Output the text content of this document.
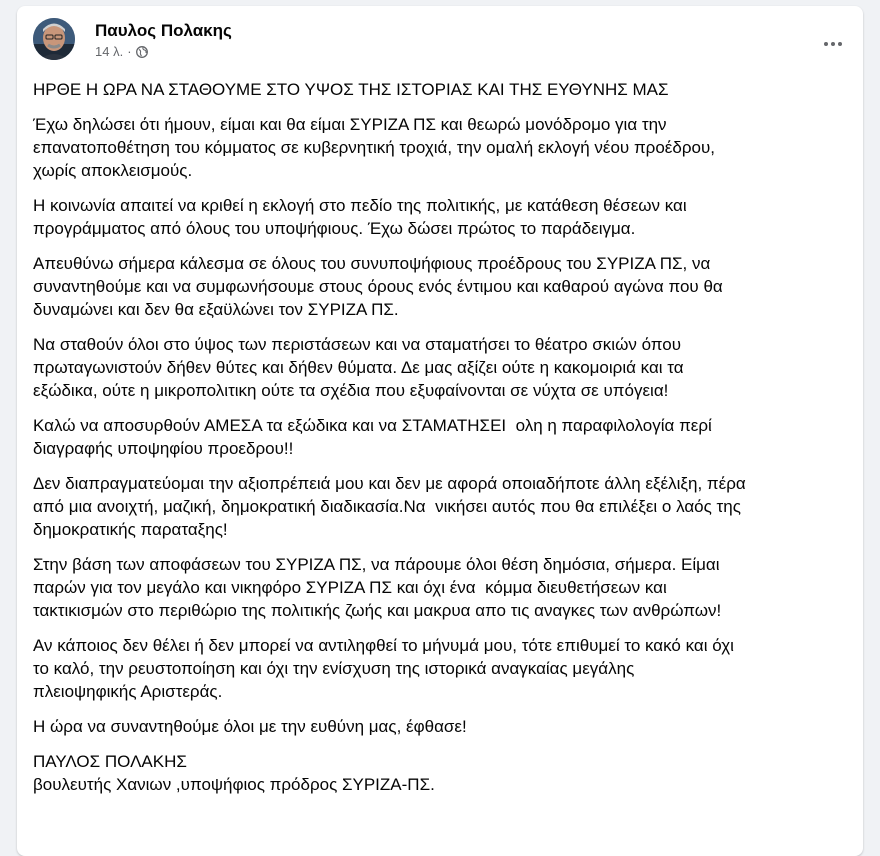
Παυλος Πολακης
14 λ. ·

ΗΡΘΕ Η ΩΡΑ ΝΑ ΣΤΑΘΟΥΜΕ ΣΤΟ ΥΨΟΣ ΤΗΣ ΙΣΤΟΡΙΑΣ ΚΑΙ ΤΗΣ ΕΥΘΥΝΗΣ ΜΑΣ

Έχω δηλώσει ότι ήμουν, είμαι και θα είμαι ΣΥΡΙΖΑ ΠΣ και θεωρώ μονόδρομο για την
επανατοποθέτηση του κόμματος σε κυβερνητική τροχιά, την ομαλή εκλογή νέου προέδρου,
χωρίς αποκλεισμούς.

Η κοινωνία απαιτεί να κριθεί η εκλογή στο πεδίο της πολιτικής, με κατάθεση θέσεων και
προγράμματος από όλους του υποψήφιους. Έχω δώσει πρώτος το παράδειγμα.

Απευθύνω σήμερα κάλεσμα σε όλους του συνυποψήφιους προέδρους του ΣΥΡΙΖΑ ΠΣ, να
συναντηθούμε και να συμφωνήσουμε στους όρους ενός έντιμου και καθαρού αγώνα που θα
δυναμώνει και δεν θα εξαϋλώνει τον ΣΥΡΙΖΑ ΠΣ.

Να σταθούν όλοι στο ύψος των περιστάσεων και να σταματήσει το θέατρο σκιών όπου
πρωταγωνιστούν δήθεν θύτες και δήθεν θύματα. Δε μας αξίζει ούτε η κακομοιριά και τα
εξώδικα, ούτε η μικροπολιτικη ούτε τα σχέδια που εξυφαίνονται σε νύχτα σε υπόγεια!

Καλώ να αποσυρθούν ΑΜΕΣΑ τα εξώδικα και να ΣΤΑΜΑΤΗΣΕΙ  ολη η παραφιλολογία περί
διαγραφής υποψηφίου προεδρου!!

Δεν διαπραγματεύομαι την αξιοπρέπειά μου και δεν με αφορά οποιαδήποτε άλλη εξέλιξη, πέρα
από μια ανοιχτή, μαζική, δημοκρατική διαδικασία.Να  νικήσει αυτός που θα επιλέξει ο λαός της
δημοκρατικής παραταξης!

Στην βάση των αποφάσεων του ΣΥΡΙΖΑ ΠΣ, να πάρουμε όλοι θέση δημόσια, σήμερα. Είμαι
παρών για τον μεγάλο και νικηφόρο ΣΥΡΙΖΑ ΠΣ και όχι ένα  κόμμα διευθετήσεων και
τακτικισμών στο περιθώριο της πολιτικής ζωής και μακρυα απο τις αναγκες των ανθρώπων!

Αν κάποιος δεν θέλει ή δεν μπορεί να αντιληφθεί το μήνυμά μου, τότε επιθυμεί το κακό και όχι
το καλό, την ρευστοποίηση και όχι την ενίσχυση της ιστορικά αναγκαίας μεγάλης
πλειοψηφικής Αριστεράς.

Η ώρα να συναντηθούμε όλοι με την ευθύνη μας, έφθασε!

ΠΑΥΛΟΣ ΠΟΛΑΚΗΣ
βουλευτής Χανιων ,υποψήφιος πρόδρος ΣΥΡΙΖΑ-ΠΣ.
